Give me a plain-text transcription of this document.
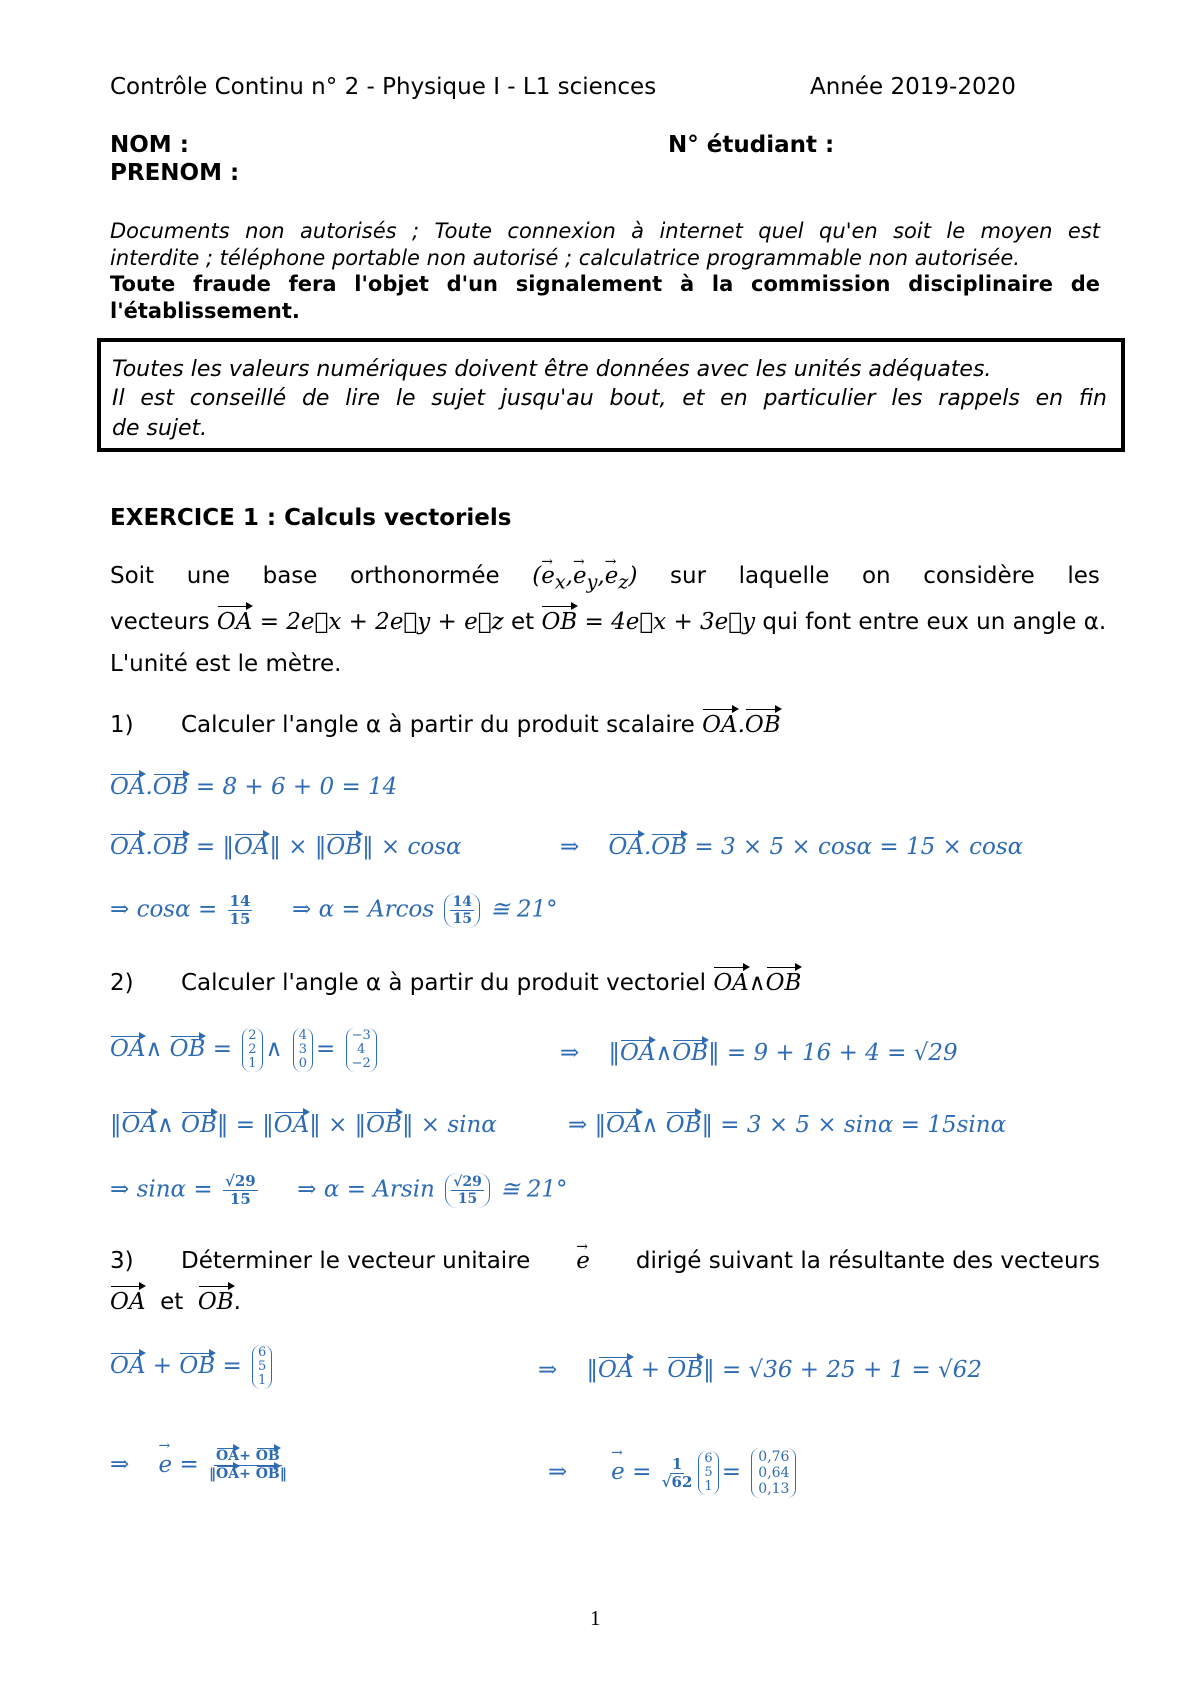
Contrôle Continu n° 2 - Physique I - L1 sciences	Année 2019-2020
NOM :	N° étudiant :
PRENOM :
Documents non autorisés ; Toute connexion à internet quel qu'en soit le moyen est
interdite ; téléphone portable non autorisé ; calculatrice programmable non autorisée.
Toute fraude fera l'objet d'un signalement à la commission disciplinaire de
l'établissement.
Toutes les valeurs numériques doivent être données avec les unités adéquates.
Il est conseillé de lire le sujet jusqu'au bout, et en particulier les rappels en fin
de sujet.
EXERCICE 1 : Calculs vectoriels
Soit une base orthonormée $(e \to_x,e \to_y,e \to_z)$ sur laquelle on considère les
vecteurs OA = 2e⃗x + 2e⃗y + e⃗z et OB = 4e⃗x + 3e⃗y qui font entre eux un angle α.
L'unité est le mètre.
1) Calculer l'angle α à partir du produit scalaire OA.OB
OA.OB = 8 + 6 + 0 = 14
OA.OB = ‖OA‖ × ‖OB‖ × cosα	⇒    OA.OB = 3 × 5 × cosα = 15 × cosα
⇒ $\cos\alpha = \frac{14}{15}$ ⇒ α = Arcos $\frac{14}{15}$ ≅ 21°
2) Calculer l'angle α à partir du produit vectoriel OA∧OB
OA∧ OB =
2
2
1
∧
4
3
0
=
−3
4
−2	⇒    ‖OA∧OB‖ = 9 + 16 + 4 = √29
‖OA∧ OB‖ = ‖OA‖ × ‖OB‖ × sinα	⇒ ‖OA∧ OB‖ = 3 × 5 × sinα = 15sinα
⇒ $\sin\alpha = \frac{√29}{15}$ ⇒ α = Arsin $\frac{√29}{15}$ ≅ 21°
3) Déterminer le vecteur unitaire e → dirigé suivant la résultante des vecteurs
OA et OB.
OA + OB =
6
5
1	⇒    ‖OA + OB‖ = √36 + 25 + 1 = √62
⇒    e → = $\frac{OA+ OB}{‖OA+ OB‖}$	⇒      e → = $\frac{1}{√62} 6$
5
1
=
0,76
0,64
0,13
1
